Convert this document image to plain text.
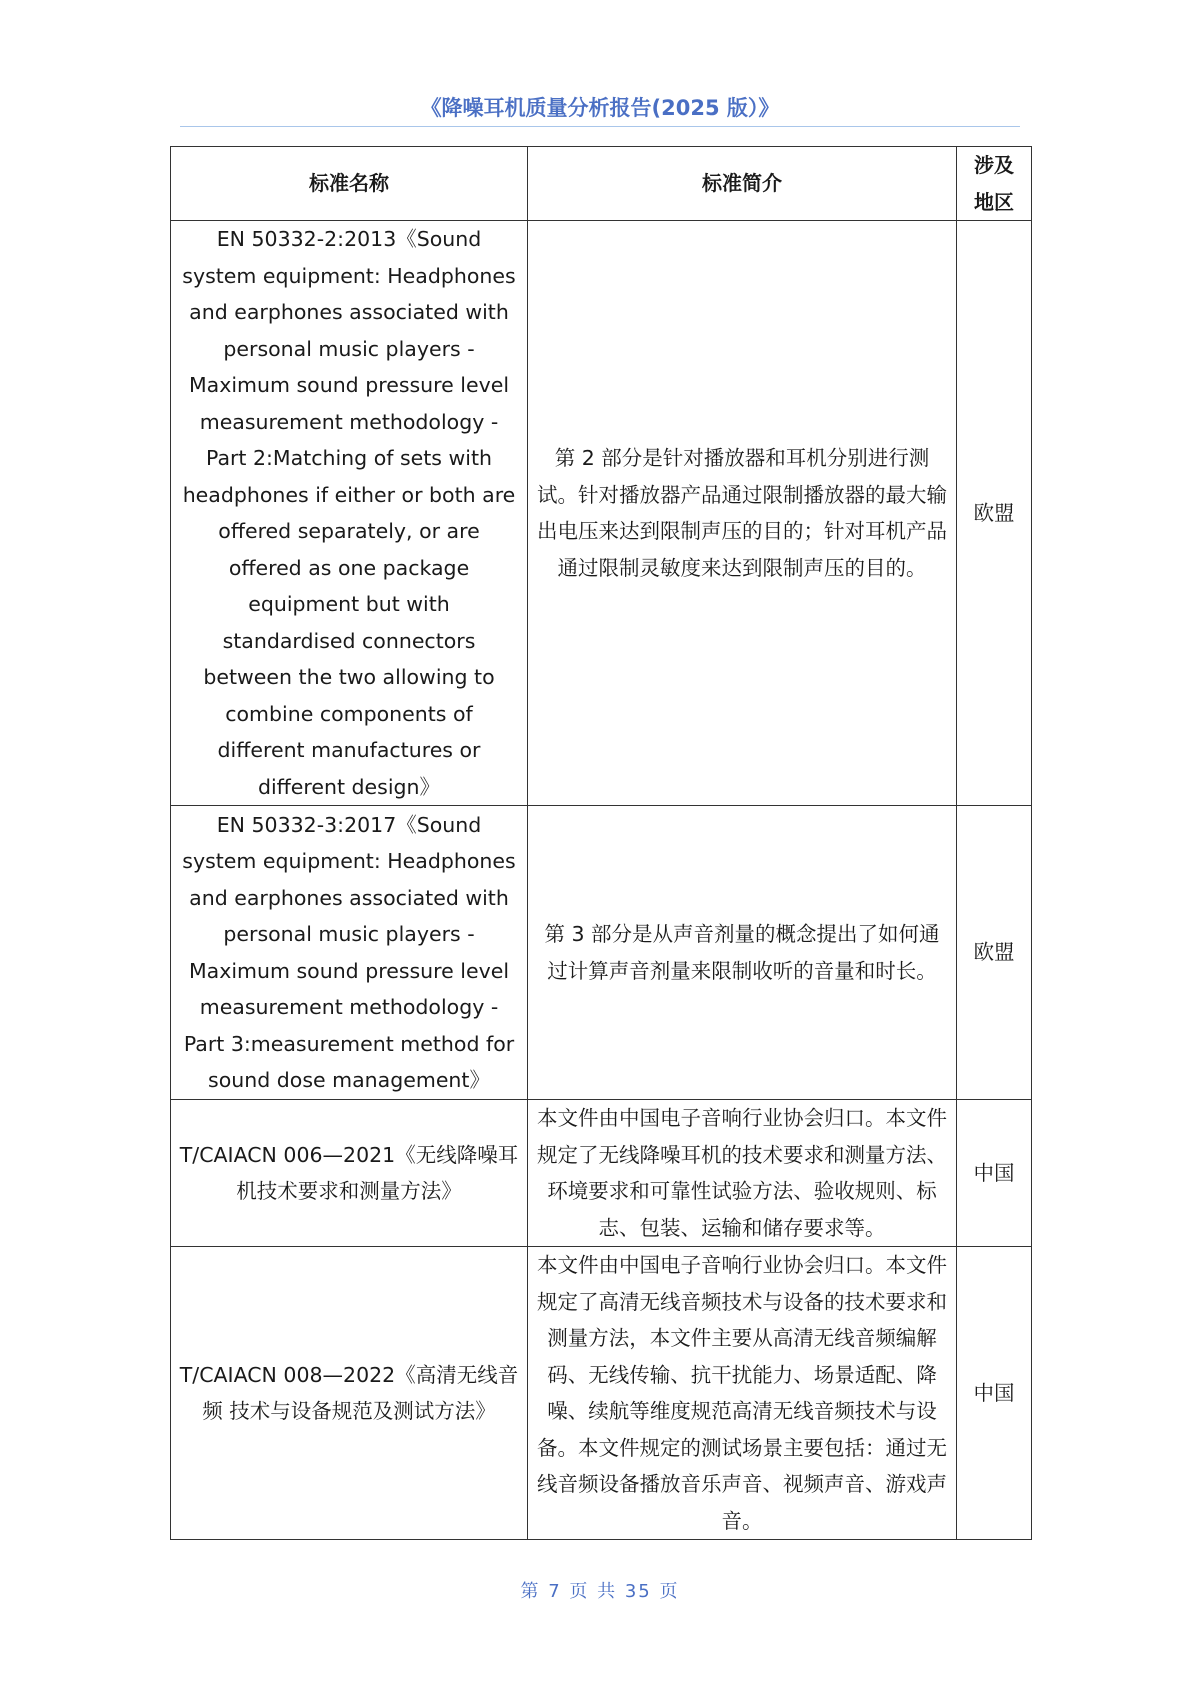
《降噪耳机质量分析报告(2025 版）》
标准名称	标准简介	涉及地区
EN 50332-2:2013《Sound system equipment: Headphones and earphones associated with personal music players - Maximum sound pressure level measurement methodology - Part 2:Matching of sets with headphones if either or both are offered separately, or are offered as one package equipment but with standardised connectors between the two allowing to combine components of different manufactures or different design》	第 2 部分是针对播放器和耳机分别进行测试。针对播放器产品通过限制播放器的最大输出电压来达到限制声压的目的；针对耳机产品通过限制灵敏度来达到限制声压的目的。	欧盟
EN 50332-3:2017《Sound system equipment: Headphones and earphones associated with personal music players - Maximum sound pressure level measurement methodology - Part 3:measurement method for sound dose management》	第 3 部分是从声音剂量的概念提出了如何通过计算声音剂量来限制收听的音量和时长。	欧盟
T/CAIACN 006—2021《无线降噪耳机技术要求和测量方法》	本文件由中国电子音响行业协会归口。本文件规定了无线降噪耳机的技术要求和测量方法、环境要求和可靠性试验方法、验收规则、标志、包装、运输和储存要求等。	中国
T/CAIACN 008—2022《高清无线音频 技术与设备规范及测试方法》	本文件由中国电子音响行业协会归口。本文件规定了高清无线音频技术与设备的技术要求和测量方法，本文件主要从高清无线音频编解码、无线传输、抗干扰能力、场景适配、降噪、续航等维度规范高清无线音频技术与设备。本文件规定的测试场景主要包括：通过无线音频设备播放音乐声音、视频声音、游戏声音。	中国
第 7 页 共 35 页
